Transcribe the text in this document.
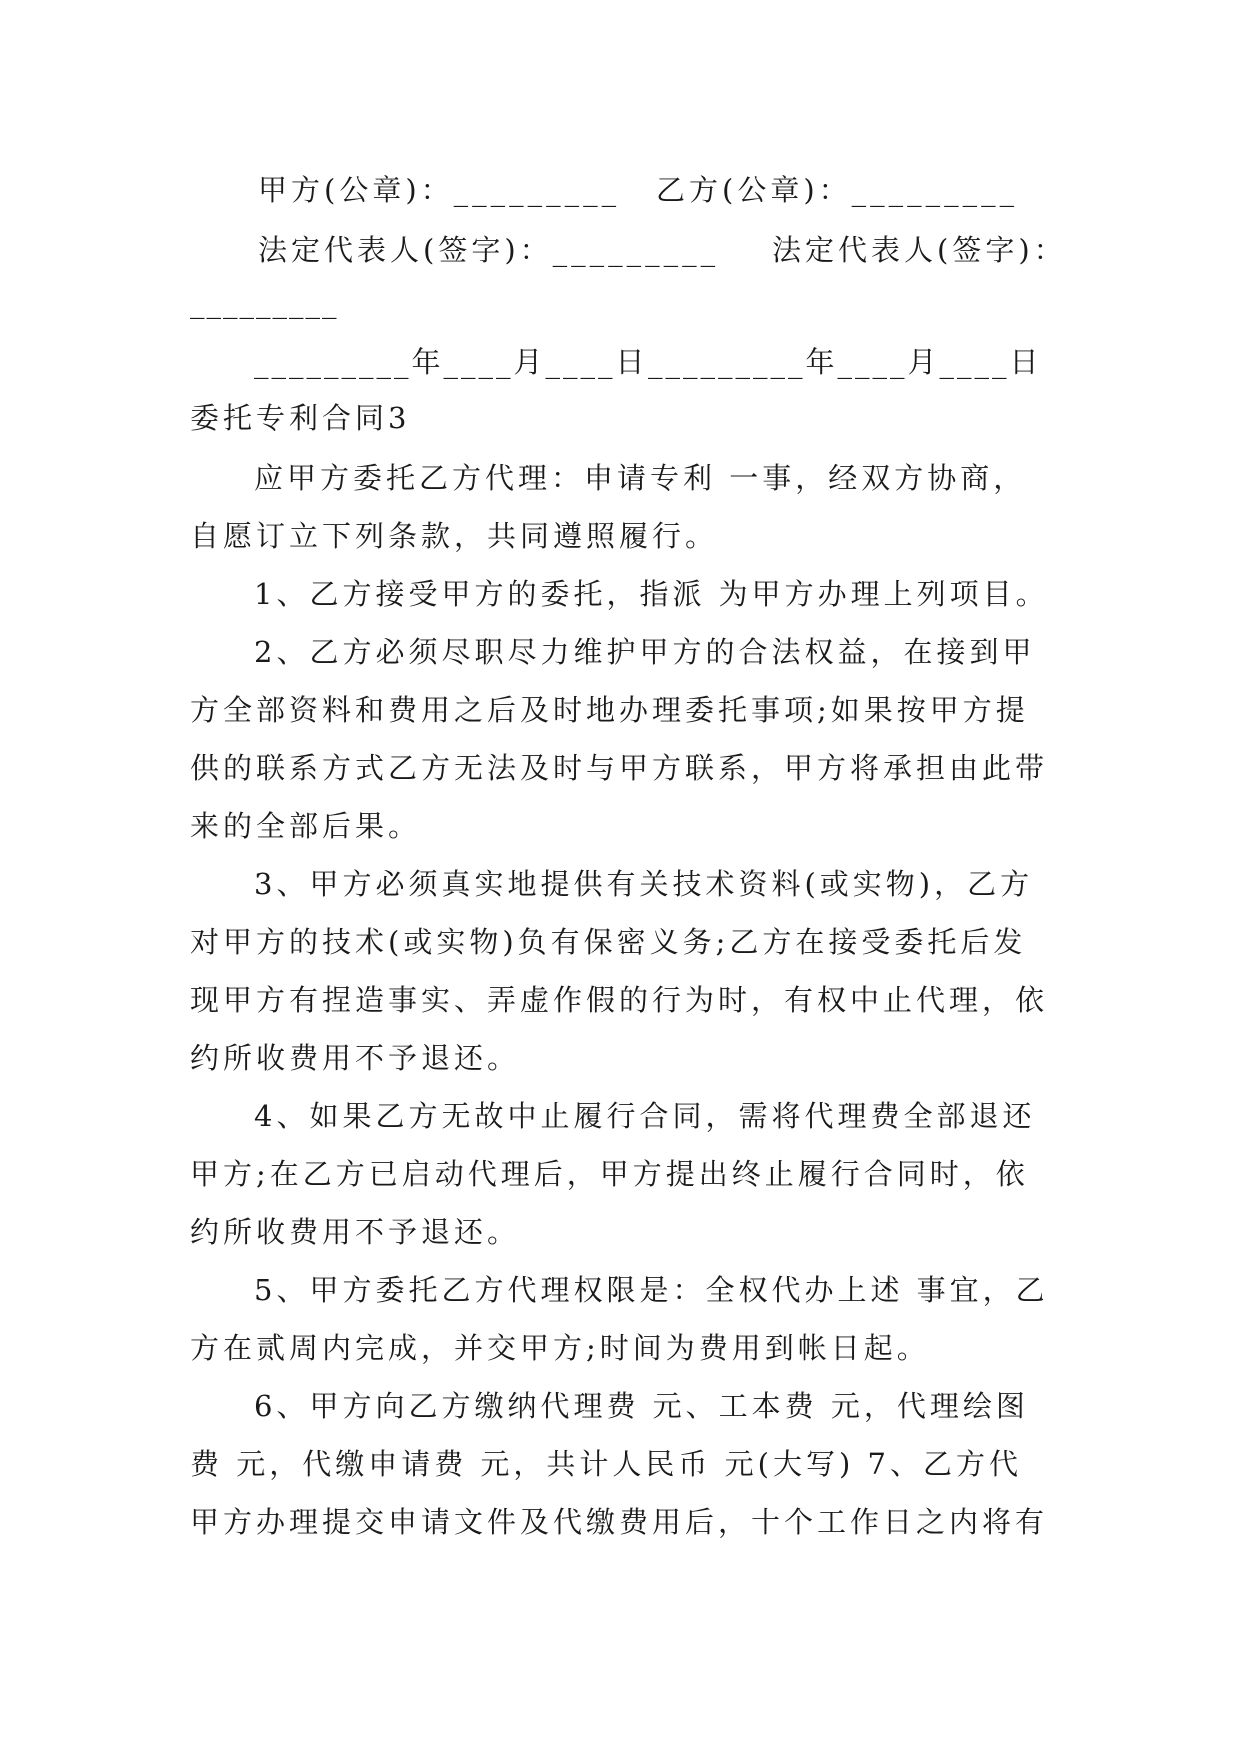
甲方(公章)：_________ 乙方(公章)：_________
法定代表人(签字)：_________ 法定代表人(签字)：
_________
_________年____月____日 _________年____月____日
委托专利合同3
应甲方委托乙方代理：申请专利 一事，经双方协商，
自愿订立下列条款，共同遵照履行。
1、乙方接受甲方的委托，指派 为甲方办理上列项目。
2、乙方必须尽职尽力维护甲方的合法权益，在接到甲
方全部资料和费用之后及时地办理委托事项;如果按甲方提
供的联系方式乙方无法及时与甲方联系，甲方将承担由此带
来的全部后果。
3、甲方必须真实地提供有关技术资料(或实物)，乙方
对甲方的技术(或实物)负有保密义务;乙方在接受委托后发
现甲方有捏造事实、弄虚作假的行为时，有权中止代理，依
约所收费用不予退还。
4、如果乙方无故中止履行合同，需将代理费全部退还
甲方;在乙方已启动代理后，甲方提出终止履行合同时，依
约所收费用不予退还。
5、甲方委托乙方代理权限是：全权代办上述 事宜，乙
方在贰周内完成，并交甲方;时间为费用到帐日起。
6、甲方向乙方缴纳代理费 元、工本费 元，代理绘图
费 元，代缴申请费 元，共计人民币 元(大写) 7、乙方代
甲方办理提交申请文件及代缴费用后，十个工作日之内将有
